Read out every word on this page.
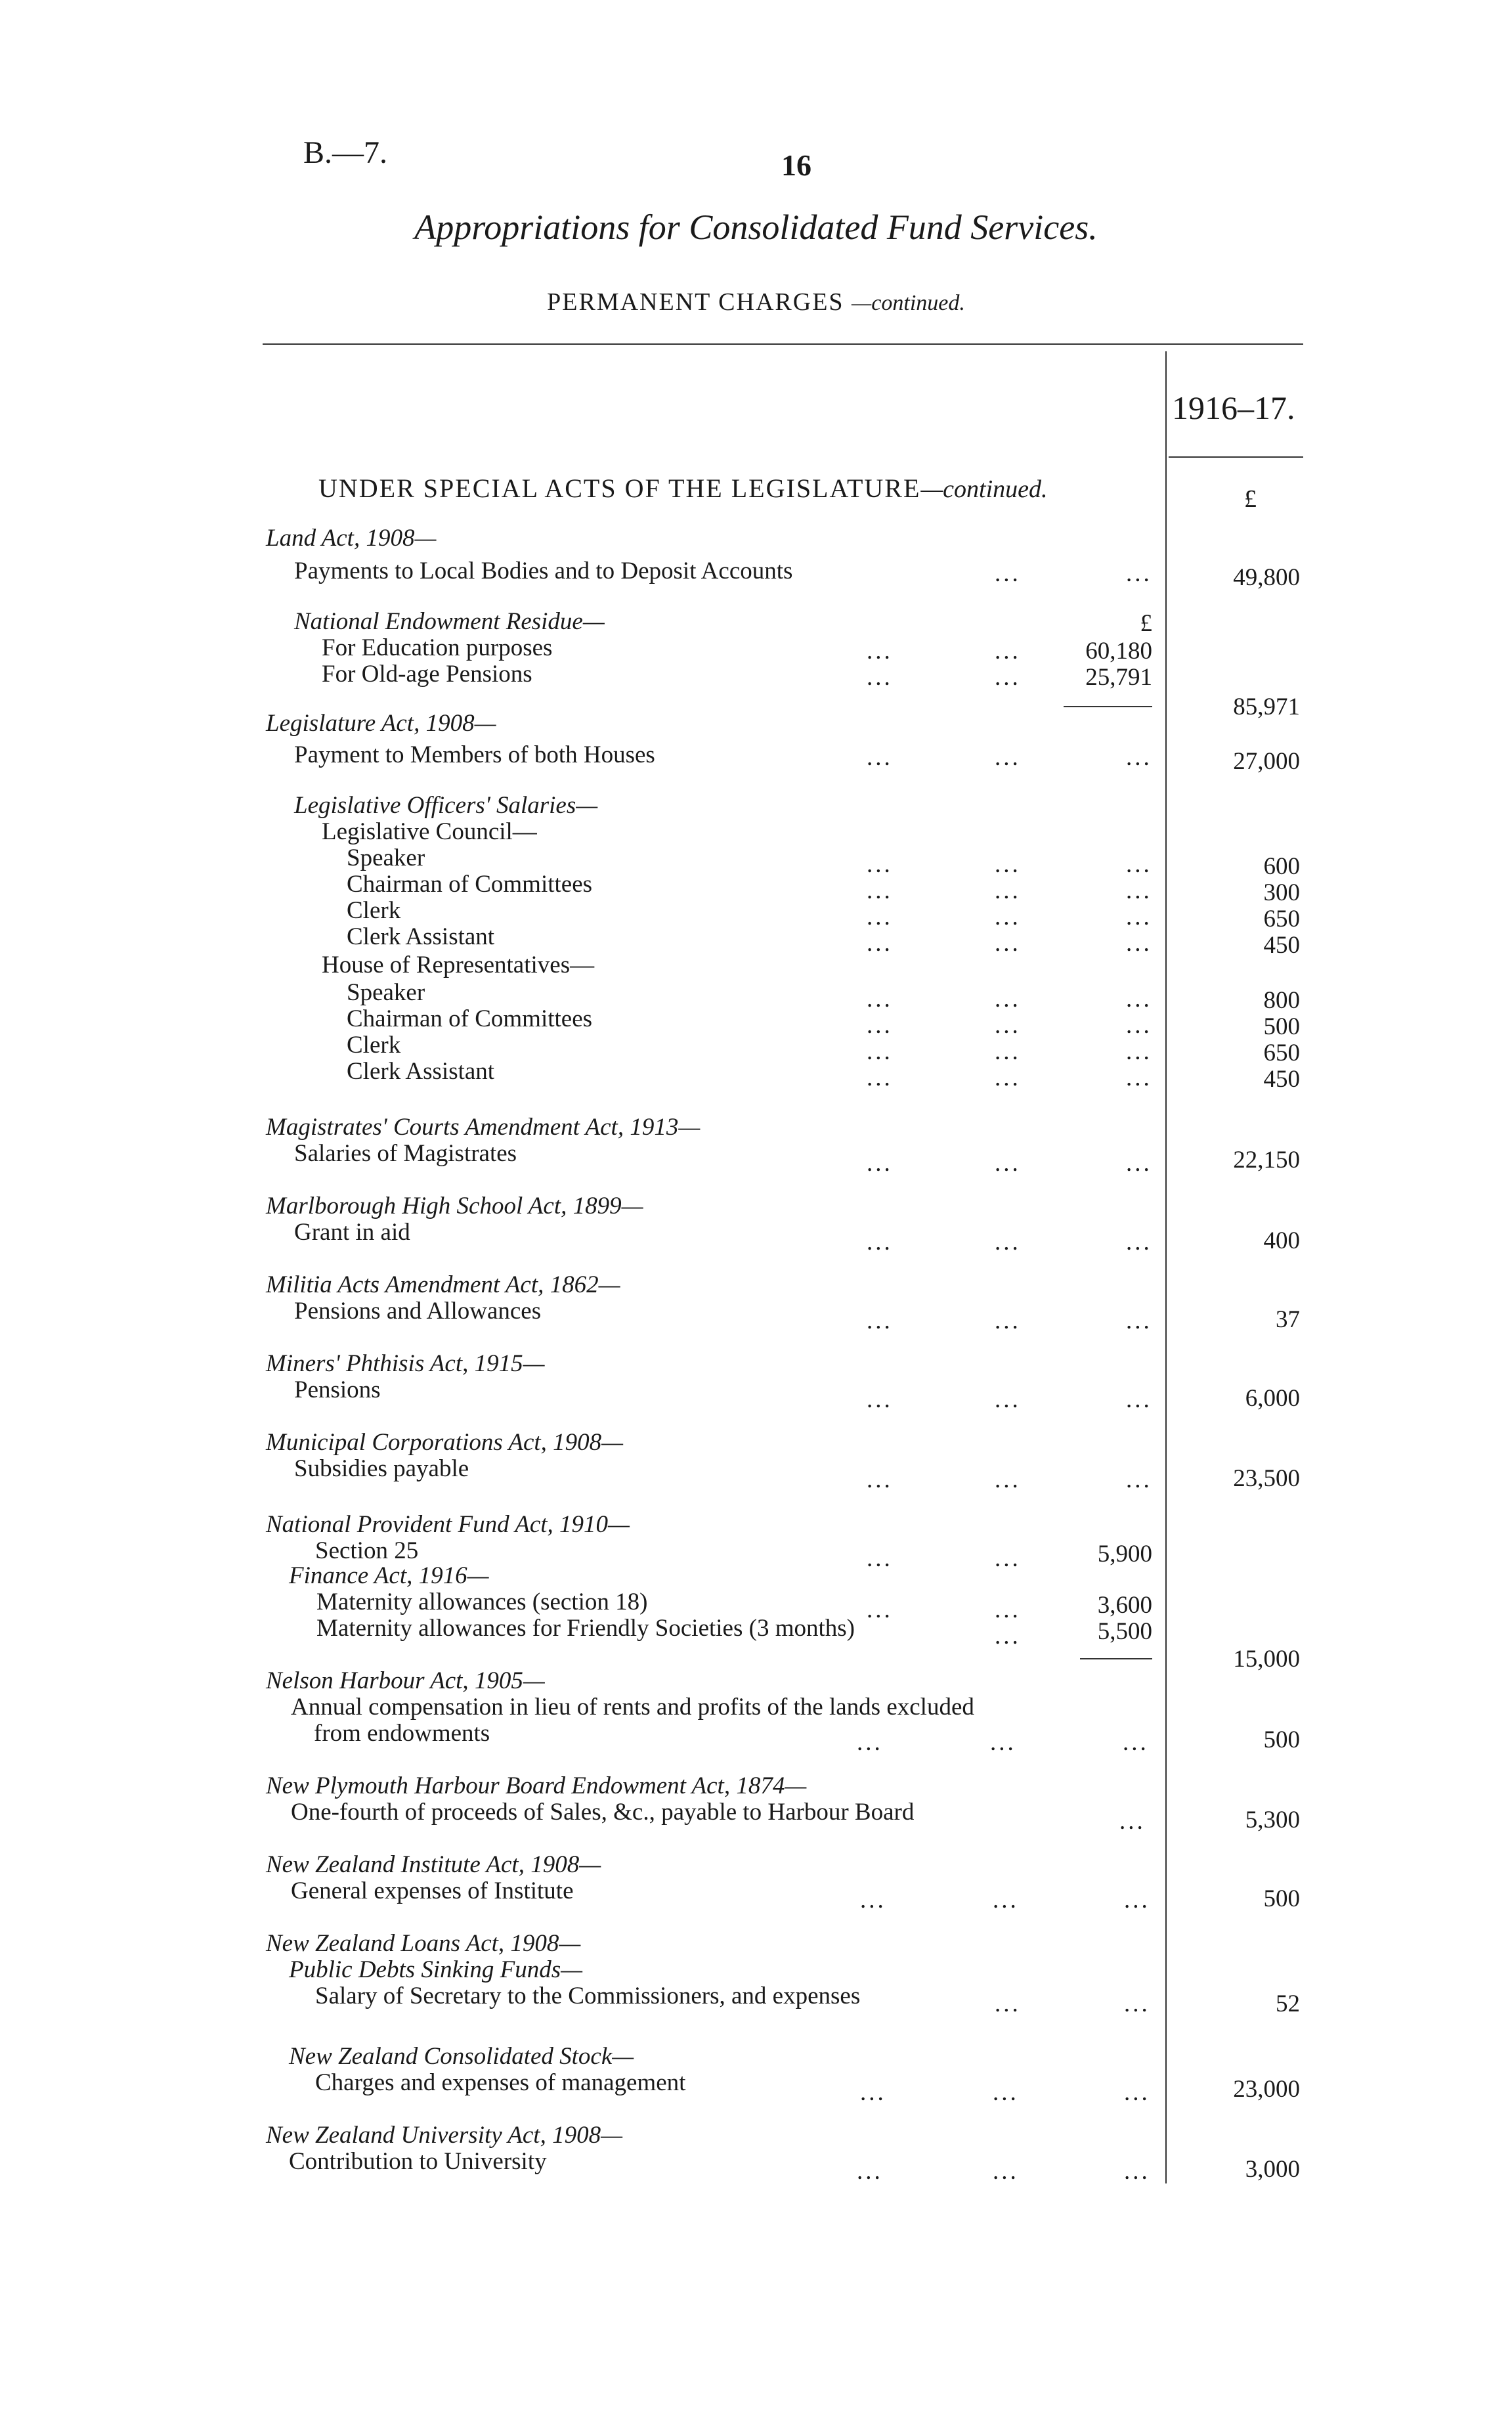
B.—7.	16
Appropriations for Consolidated Fund Services.
PERMANENT CHARGES —continued.
1916–17.
UNDER SPECIAL ACTS OF THE LEGISLATURE—continued.	£
Land Act, 1908—
Payments to Local Bodies and to Deposit Accounts	...	...	49,800
National Endowment Residue—	£
For Education purposes	...	...	60,180
For Old-age Pensions	...	...	25,791
85,971
Legislature Act, 1908—
Payment to Members of both Houses	...	...	...	27,000
Legislative Officers' Salaries—
Legislative Council—
Speaker	...	...	...	600
Chairman of Committees	...	...	...	300
Clerk	...	...	...	650
Clerk Assistant	...	...	...	450
House of Representatives—
Speaker	...	...	...	800
Chairman of Committees	...	...	...	500
Clerk	...	...	...	650
Clerk Assistant	...	...	...	450
Magistrates' Courts Amendment Act, 1913—
Salaries of Magistrates	...	...	...	22,150
Marlborough High School Act, 1899—
Grant in aid	...	...	...	400
Militia Acts Amendment Act, 1862—
Pensions and Allowances	...	...	...	37
Miners' Phthisis Act, 1915—
Pensions	...	...	...	6,000
Municipal Corporations Act, 1908—
Subsidies payable	...	...	...	23,500
National Provident Fund Act, 1910—
Section 25	...	...	5,900
Finance Act, 1916—
Maternity allowances (section 18)	...	...	3,600
Maternity allowances for Friendly Societies (3 months)	...	5,500
15,000
Nelson Harbour Act, 1905—
Annual compensation in lieu of rents and profits of the lands excluded
from endowments	...	...	...	500
New Plymouth Harbour Board Endowment Act, 1874—
One-fourth of proceeds of Sales, &c., payable to Harbour Board	...	5,300
New Zealand Institute Act, 1908—
General expenses of Institute	...	...	...	500
New Zealand Loans Act, 1908—
Public Debts Sinking Funds—
Salary of Secretary to the Commissioners, and expenses	...	...	52
New Zealand Consolidated Stock—
Charges and expenses of management	...	...	...	23,000
New Zealand University Act, 1908—
Contribution to University	...	...	...	3,000
